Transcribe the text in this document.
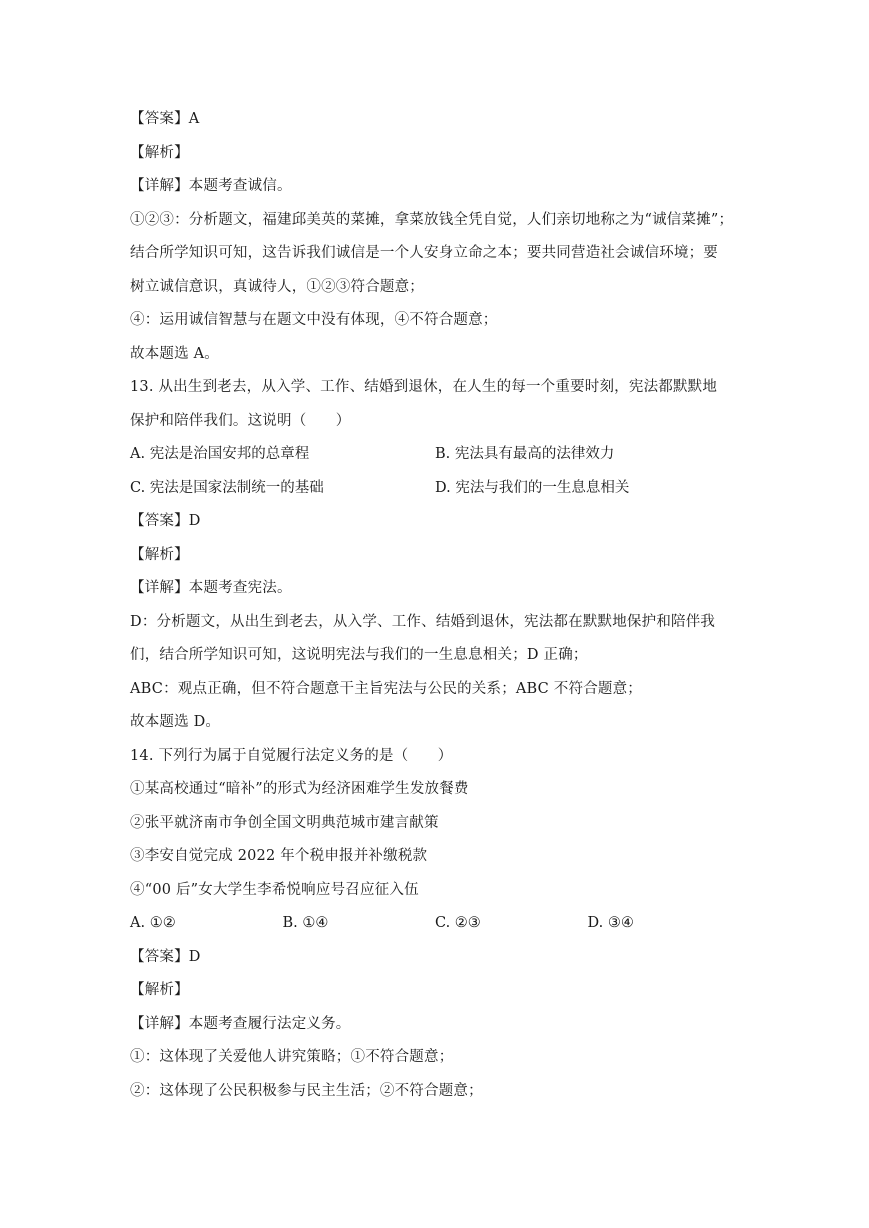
【答案】A

【解析】

【详解】本题考查诚信。

①②③：分析题文，福建邱美英的菜摊，拿菜放钱全凭自觉，人们亲切地称之为“诚信菜摊”；

结合所学知识可知，这告诉我们诚信是一个人安身立命之本；要共同营造社会诚信环境；要

树立诚信意识，真诚待人，①②③符合题意；

④：运用诚信智慧与在题文中没有体现，④不符合题意；

故本题选 A。

13. 从出生到老去，从入学、工作、结婚到退休，在人生的每一个重要时刻，宪法都默默地

保护和陪伴我们。这说明（　　）

A. 宪法是治国安邦的总章程	B. 宪法具有最高的法律效力
C. 宪法是国家法制统一的基础	D. 宪法与我们的一生息息相关

【答案】D

【解析】

【详解】本题考查宪法。

D：分析题文，从出生到老去，从入学、工作、结婚到退休，宪法都在默默地保护和陪伴我

们，结合所学知识可知，这说明宪法与我们的一生息息相关；D 正确；

ABC：观点正确，但不符合题意干主旨宪法与公民的关系；ABC 不符合题意；

故本题选 D。

14. 下列行为属于自觉履行法定义务的是（　　）

①某高校通过“暗补”的形式为经济困难学生发放餐费

②张平就济南市争创全国文明典范城市建言献策

③李安自觉完成 2022 年个税申报并补缴税款

④“00 后”女大学生李希悦响应号召应征入伍

A. ①②	B. ①④	C. ②③	D. ③④

【答案】D

【解析】

【详解】本题考查履行法定义务。

①：这体现了关爱他人讲究策略；①不符合题意；

②：这体现了公民积极参与民主生活；②不符合题意；
